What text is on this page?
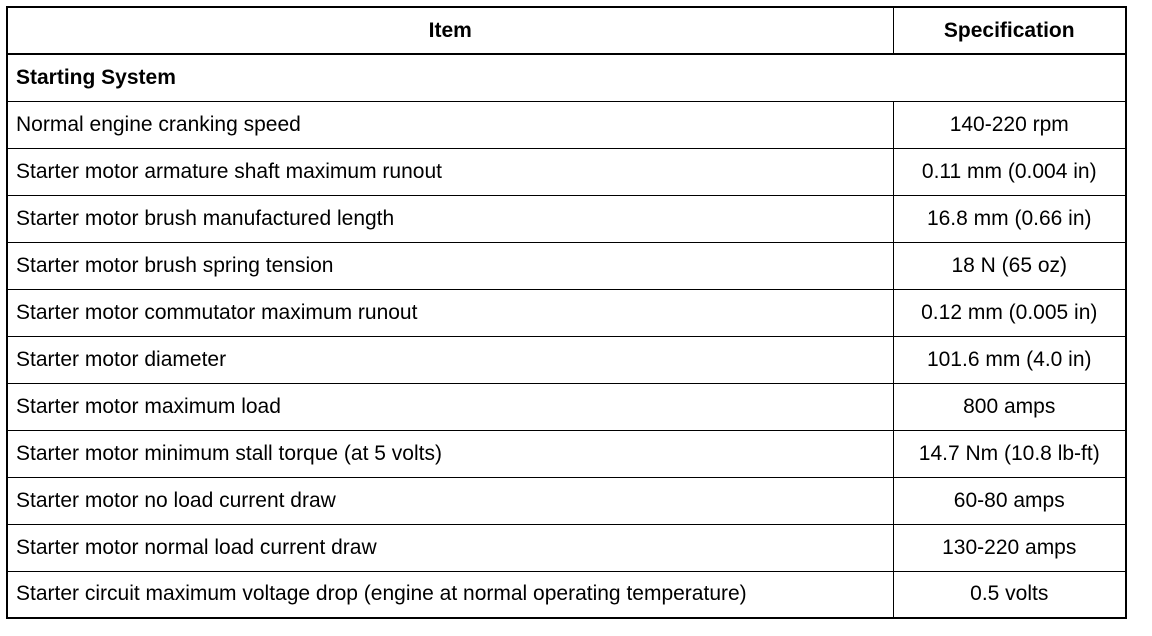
Item	Specification
Starting System	
Normal engine cranking speed	140-220 rpm
Starter motor armature shaft maximum runout	0.11 mm (0.004 in)
Starter motor brush manufactured length	16.8 mm (0.66 in)
Starter motor brush spring tension	18 N (65 oz)
Starter motor commutator maximum runout	0.12 mm (0.005 in)
Starter motor diameter	101.6 mm (4.0 in)
Starter motor maximum load	800 amps
Starter motor minimum stall torque (at 5 volts)	14.7 Nm (10.8 lb-ft)
Starter motor no load current draw	60-80 amps
Starter motor normal load current draw	130-220 amps
Starter circuit maximum voltage drop (engine at normal operating temperature)	0.5 volts
